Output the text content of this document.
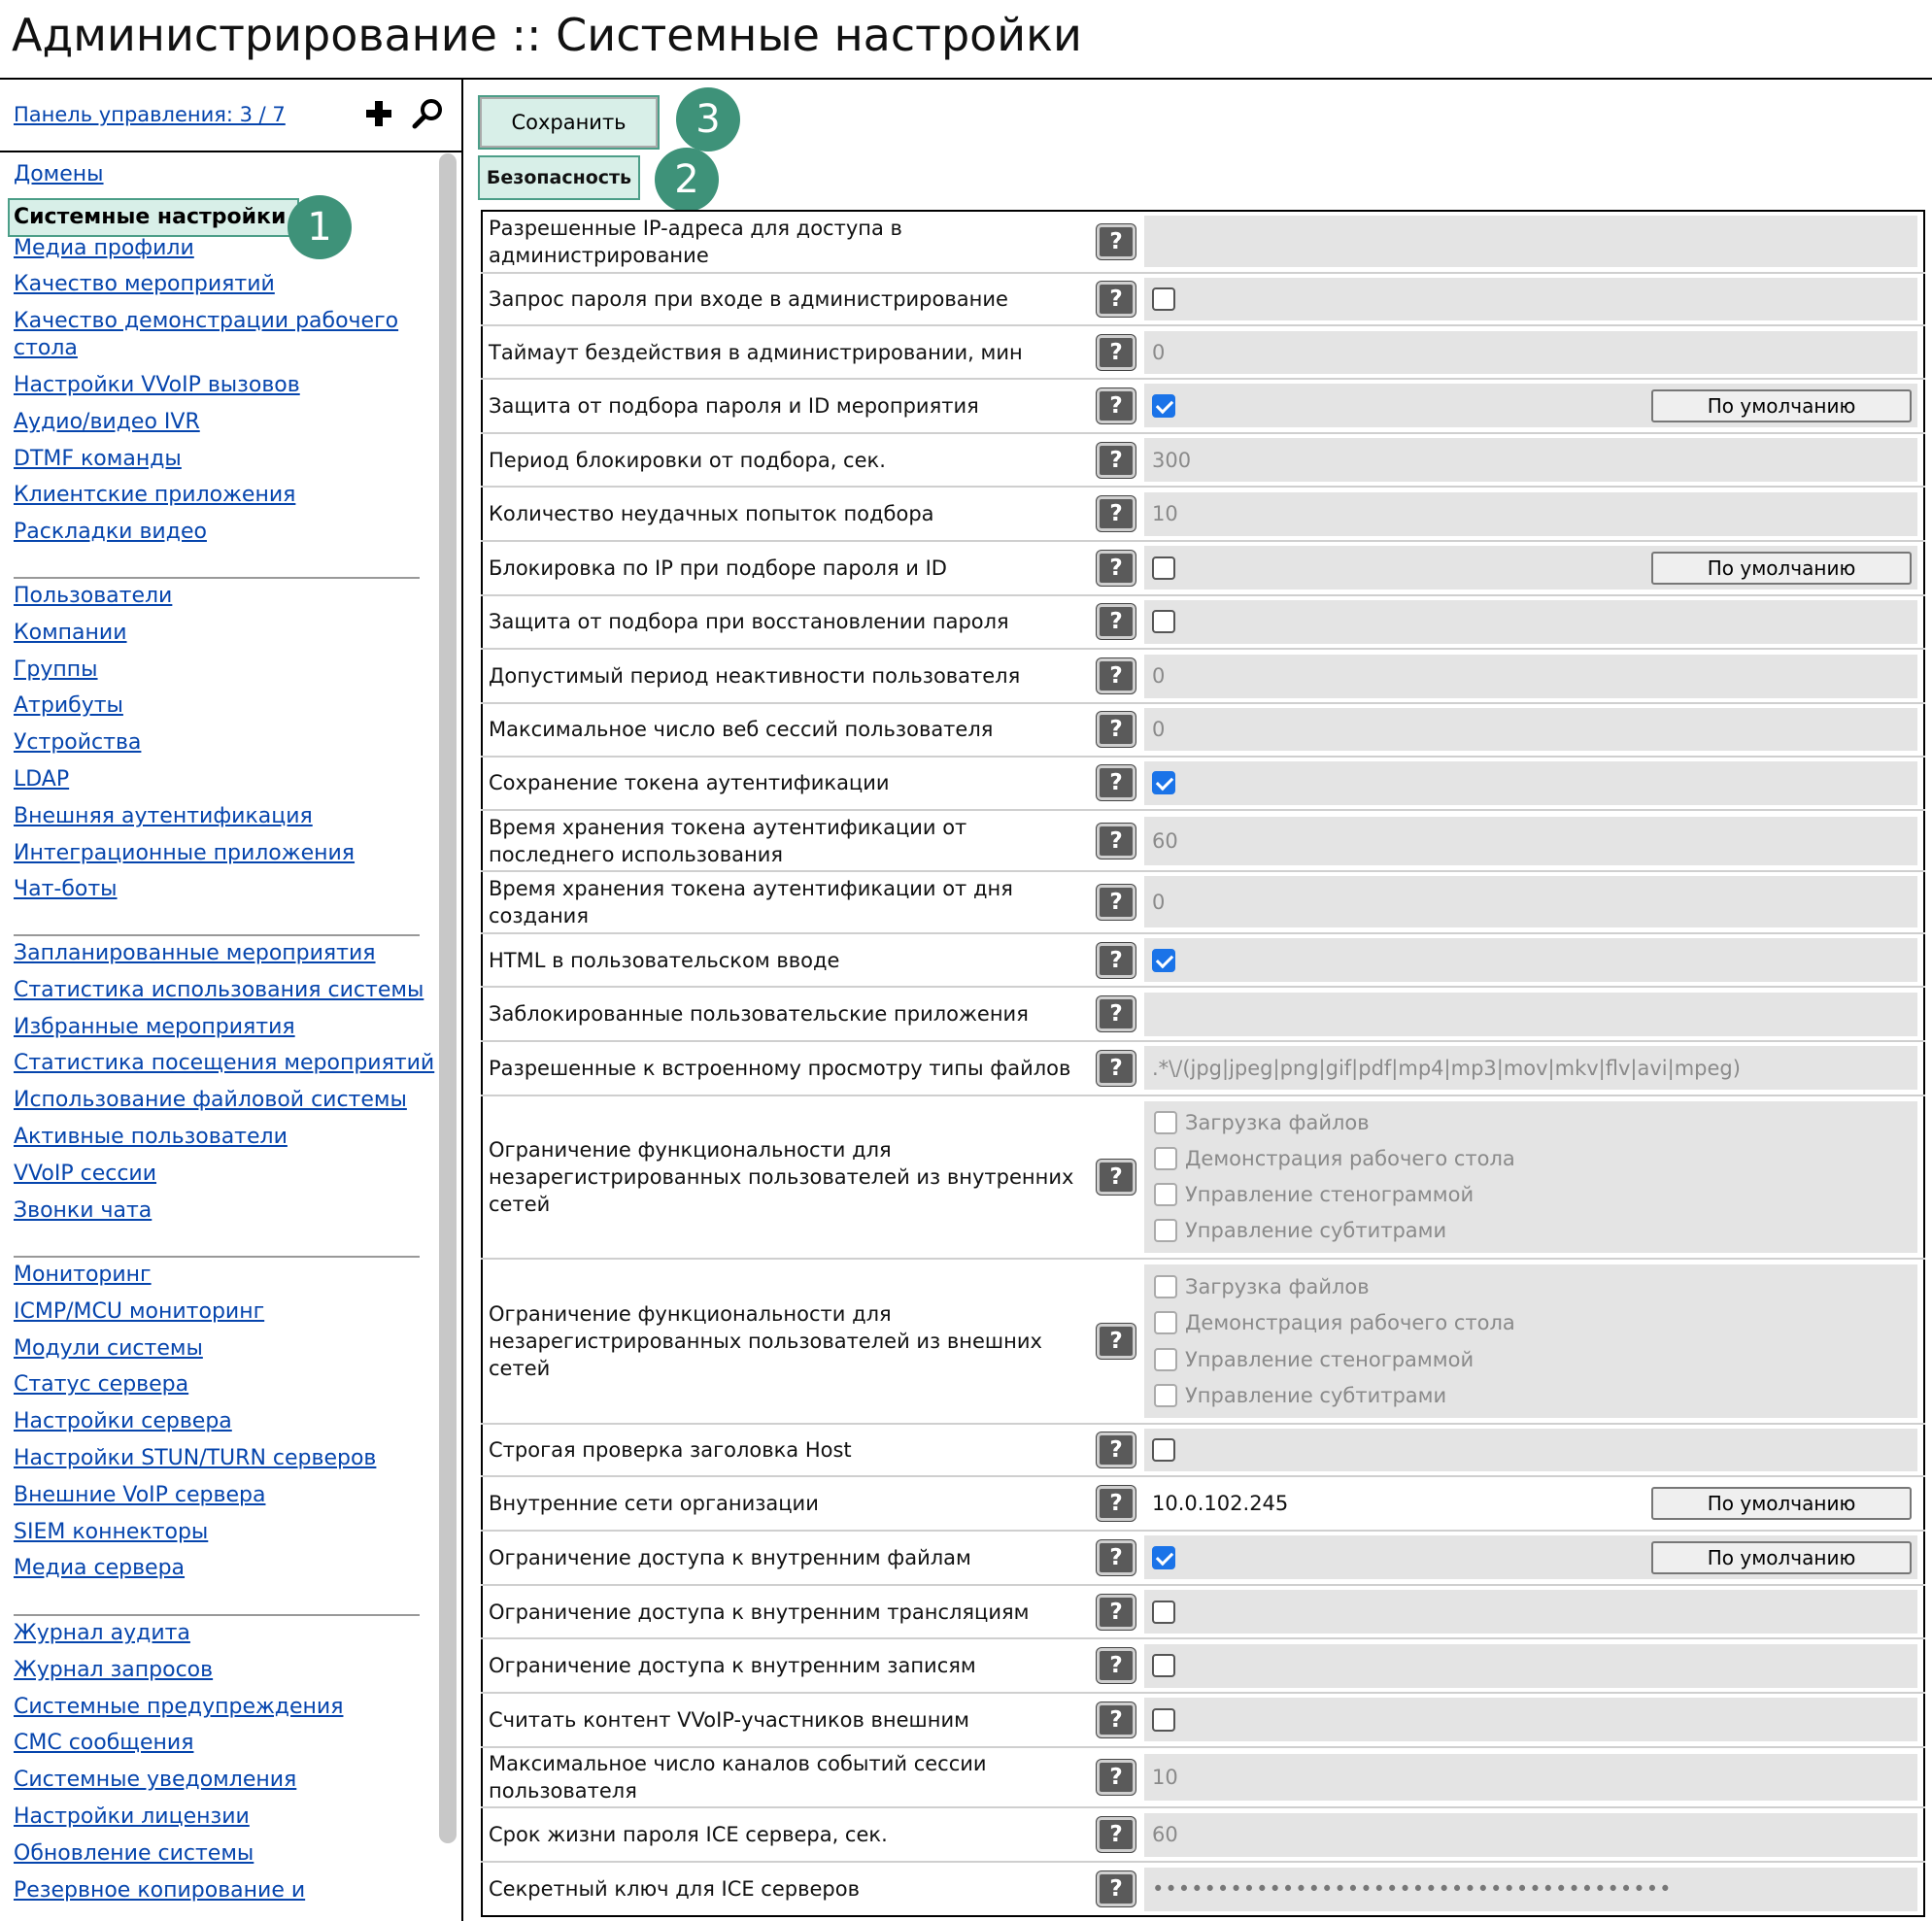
Администрирование :: Системные настройки
Панель управления: 3 / 7
Домены
Системные настройки
Медиа профили
Качество мероприятий
Качество демонстрации рабочего стола
Настройки VVoIP вызовов
Аудио/видео IVR
DTMF команды
Клиентские приложения
Раскладки видео
Пользователи
Компании
Группы
Атрибуты
Устройства
LDAP
Внешняя аутентификация
Интеграционные приложения
Чат-боты
Запланированные мероприятия
Статистика использования системы
Избранные мероприятия
Статистика посещения мероприятий
Использование файловой системы
Активные пользователи
VVoIP сессии
Звонки чата
Мониторинг
ICMP/MCU мониторинг
Модули системы
Статус сервера
Настройки сервера
Настройки STUN/TURN серверов
Внешние VoIP сервера
SIEM коннекторы
Медиа сервера
Журнал аудита
Журнал запросов
Системные предупреждения
СМС сообщения
Системные уведомления
Настройки лицензии
Обновление системы
Резервное копирование и
1
Сохранить	3
Безопасность	2
Разрешенные IP-адреса для доступа в администрирование	?	

Запрос пароля при входе в администрирование	?	

Таймаут бездействия в администрировании, мин	?	0

Защита от подбора пароля и ID мероприятия	?	По умолчанию

Период блокировки от подбора, сек.	?	300

Количество неудачных попыток подбора	?	10

Блокировка по IP при подборе пароля и ID	?	По умолчанию

Защита от подбора при восстановлении пароля	?	

Допустимый период неактивности пользователя	?	0

Максимальное число веб сессий пользователя	?	0

Сохранение токена аутентификации	?	

Время хранения токена аутентификации от последнего использования	?	60

Время хранения токена аутентификации от дня создания	?	0

HTML в пользовательском вводе	?	

Заблокированные пользовательские приложения	?	

Разрешенные к встроенному просмотру типы файлов	?	.*\/(jpg|jpeg|png|gif|pdf|mp4|mp3|mov|mkv|flv|avi|mpeg)

Ограничение функциональности для незарегистрированных пользователей из внутренних сетей	?	Загрузка файлов
Демонстрация рабочего стола
Управление стенограммой
Управление субтитрами

Ограничение функциональности для незарегистрированных пользователей из внешних сетей	?	Загрузка файлов
Демонстрация рабочего стола
Управление стенограммой
Управление субтитрами

Строгая проверка заголовка Host	?	

Внутренние сети организации	?	10.0.102.245 По умолчанию

Ограничение доступа к внутренним файлам	?	По умолчанию

Ограничение доступа к внутренним трансляциям	?	

Ограничение доступа к внутренним записям	?	

Считать контент VVoIP-участников внешним	?	

Максимальное число каналов событий сессии пользователя	?	10

Срок жизни пароля ICE сервера, сек.	?	60

Секретный ключ для ICE серверов	?	••••••••••••••••••••••••••••••••••••••••
